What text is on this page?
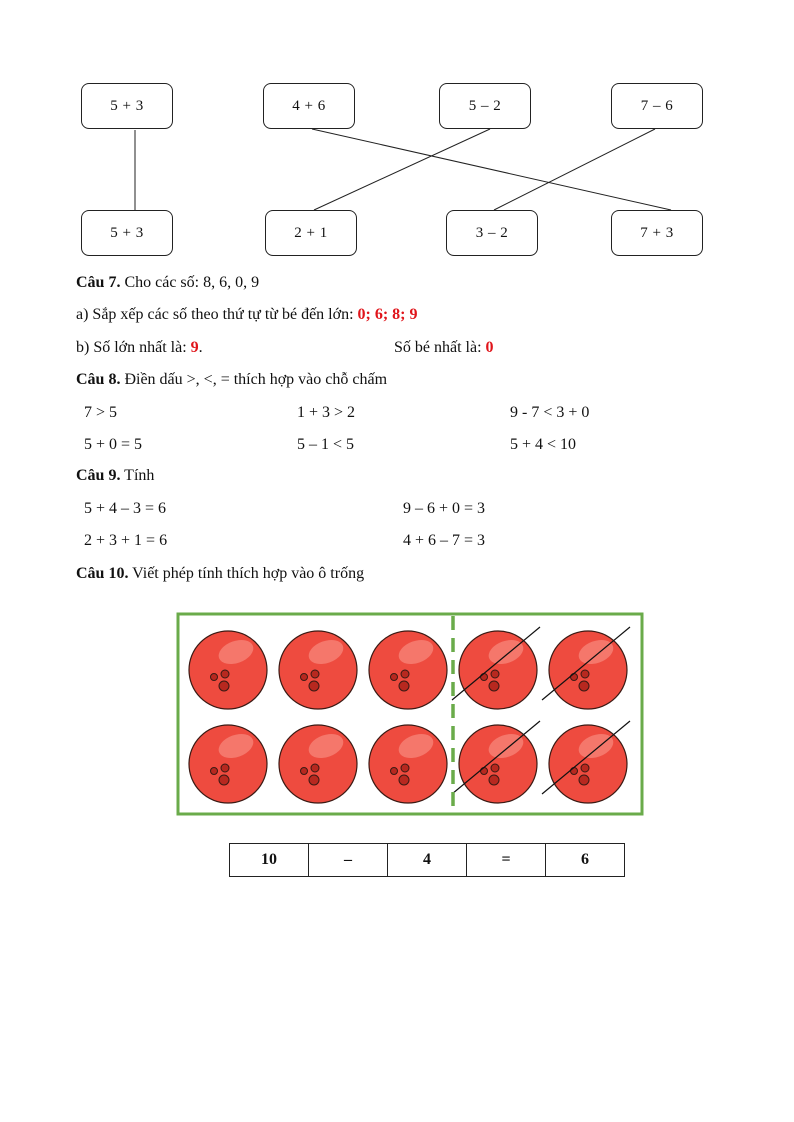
5 + 3	4 + 6	5 – 2	7 – 6
5 + 3	2 + 1	3 – 2	7 + 3
Câu 7. Cho các số: 8, 6, 0, 9
a) Sắp xếp các số theo thứ tự từ bé đến lớn: 0; 6; 8; 9
b) Số lớn nhất là: 9.	Số bé nhất là: 0
Câu 8. Điền dấu >, <, = thích hợp vào chỗ chấm
7 > 5	1 + 3 > 2	9 - 7 < 3 + 0
5 + 0 = 5	5 – 1 < 5	5 + 4 < 10
Câu 9. Tính
5 + 4 – 3 = 6	9 – 6 + 0 = 3
2 + 3 + 1 = 6	4 + 6 – 7 = 3
Câu 10. Viết phép tính thích hợp vào ô trống
10	–	4	=	6
